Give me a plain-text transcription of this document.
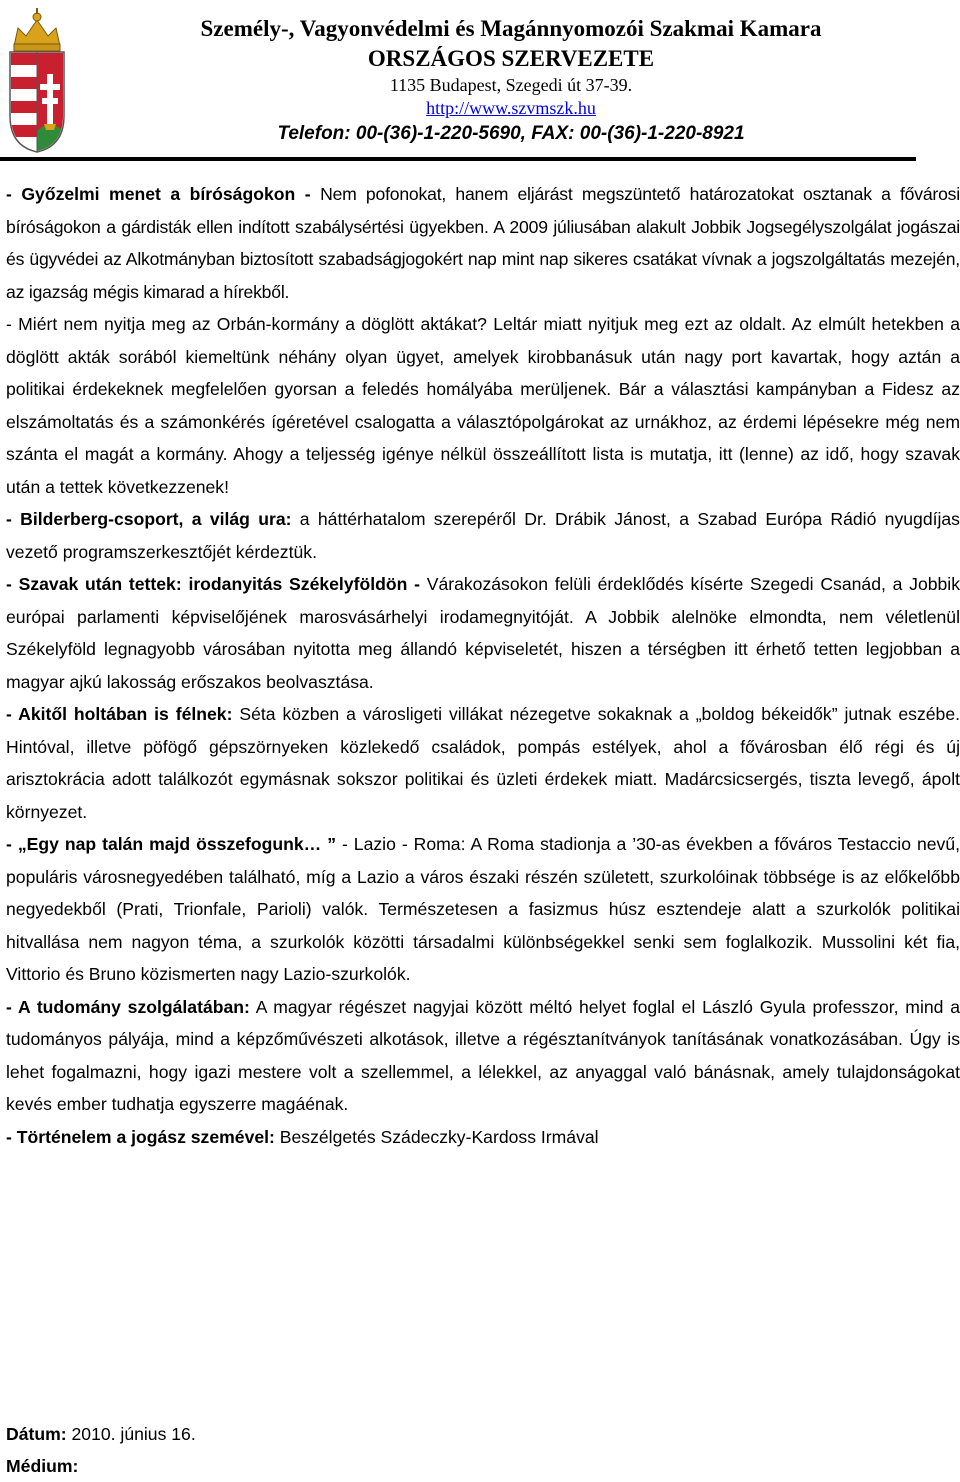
Személy-, Vagyonvédelmi és Magánnyomozói Szakmai Kamara
ORSZÁGOS SZERVEZETE
1135 Budapest, Szegedi út 37-39.
http://www.szvmszk.hu
Telefon: 00-(36)-1-220-5690, FAX: 00-(36)-1-220-8921

- Győzelmi menet a bíróságokon - Nem pofonokat, hanem eljárást megszüntető határozatokat osztanak a fővárosi bíróságokon a gárdisták ellen indított szabálysértési ügyekben. A 2009 júliusában alakult Jobbik Jogsegélyszolgálat jogászai és ügyvédei az Alkotmányban biztosított szabadságjogokért nap mint nap sikeres csatákat vívnak a jogszolgáltatás mezején, az igazság mégis kimarad a hírekből.

- Miért nem nyitja meg az Orbán-kormány a döglött aktákat? Leltár miatt nyitjuk meg ezt az oldalt. Az elmúlt hetekben a döglött akták sorából kiemeltünk néhány olyan ügyet, amelyek kirobbanásuk után nagy port kavartak, hogy aztán a politikai érdekeknek megfelelően gyorsan a feledés homályába merüljenek. Bár a választási kampányban a Fidesz az elszámoltatás és a számonkérés ígéretével csalogatta a választópolgárokat az urnákhoz, az érdemi lépésekre még nem szánta el magát a kormány. Ahogy a teljesség igénye nélkül összeállított lista is mutatja, itt (lenne) az idő, hogy szavak után a tettek következzenek!

- Bilderberg-csoport, a világ ura: a háttérhatalom szerepéről Dr. Drábik Jánost, a Szabad Európa Rádió nyugdíjas vezető programszerkesztőjét kérdeztük.

- Szavak után tettek: irodanyitás Székelyföldön - Várakozásokon felüli érdeklődés kísérte Szegedi Csanád, a Jobbik európai parlamenti képviselőjének marosvásárhelyi irodamegnyitóját. A Jobbik alelnöke elmondta, nem véletlenül Székelyföld legnagyobb városában nyitotta meg állandó képviseletét, hiszen a térségben itt érhető tetten legjobban a magyar ajkú lakosság erőszakos beolvasztása.

- Akitől holtában is félnek: Séta közben a városligeti villákat nézegetve sokaknak a „boldog békeidők” jutnak eszébe. Hintóval, illetve pöfögő gépszörnyeken közlekedő családok, pompás estélyek, ahol a fővárosban élő régi és új arisztokrácia adott találkozót egymásnak sokszor politikai és üzleti érdekek miatt. Madárcsicsergés, tiszta levegő, ápolt környezet.

- „Egy nap talán majd összefogunk… ” - Lazio - Roma: A Roma stadionja a ’30-as években a főváros Testaccio nevű, populáris városnegyedében található, míg a Lazio a város északi részén született, szurkolóinak többsége is az előkelőbb negyedekből (Prati, Trionfale, Parioli) valók. Természetesen a fasizmus húsz esztendeje alatt a szurkolók politikai hitvallása nem nagyon téma, a szurkolók közötti társadalmi különbségekkel senki sem foglalkozik. Mussolini két fia, Vittorio és Bruno közismerten nagy Lazio-szurkolók.

- A tudomány szolgálatában: A magyar régészet nagyjai között méltó helyet foglal el László Gyula professzor, mind a tudományos pályája, mind a képzőművészeti alkotások, illetve a régésztanítványok tanításának vonatkozásában. Úgy is lehet fogalmazni, hogy igazi mestere volt a szellemmel, a lélekkel, az anyaggal való bánásnak, amely tulajdonságokat kevés ember tudhatja egyszerre magáénak.

- Történelem a jogász szemével: Beszélgetés Szádeczky-Kardoss Irmával

Dátum: 2010. június 16.
Médium:
